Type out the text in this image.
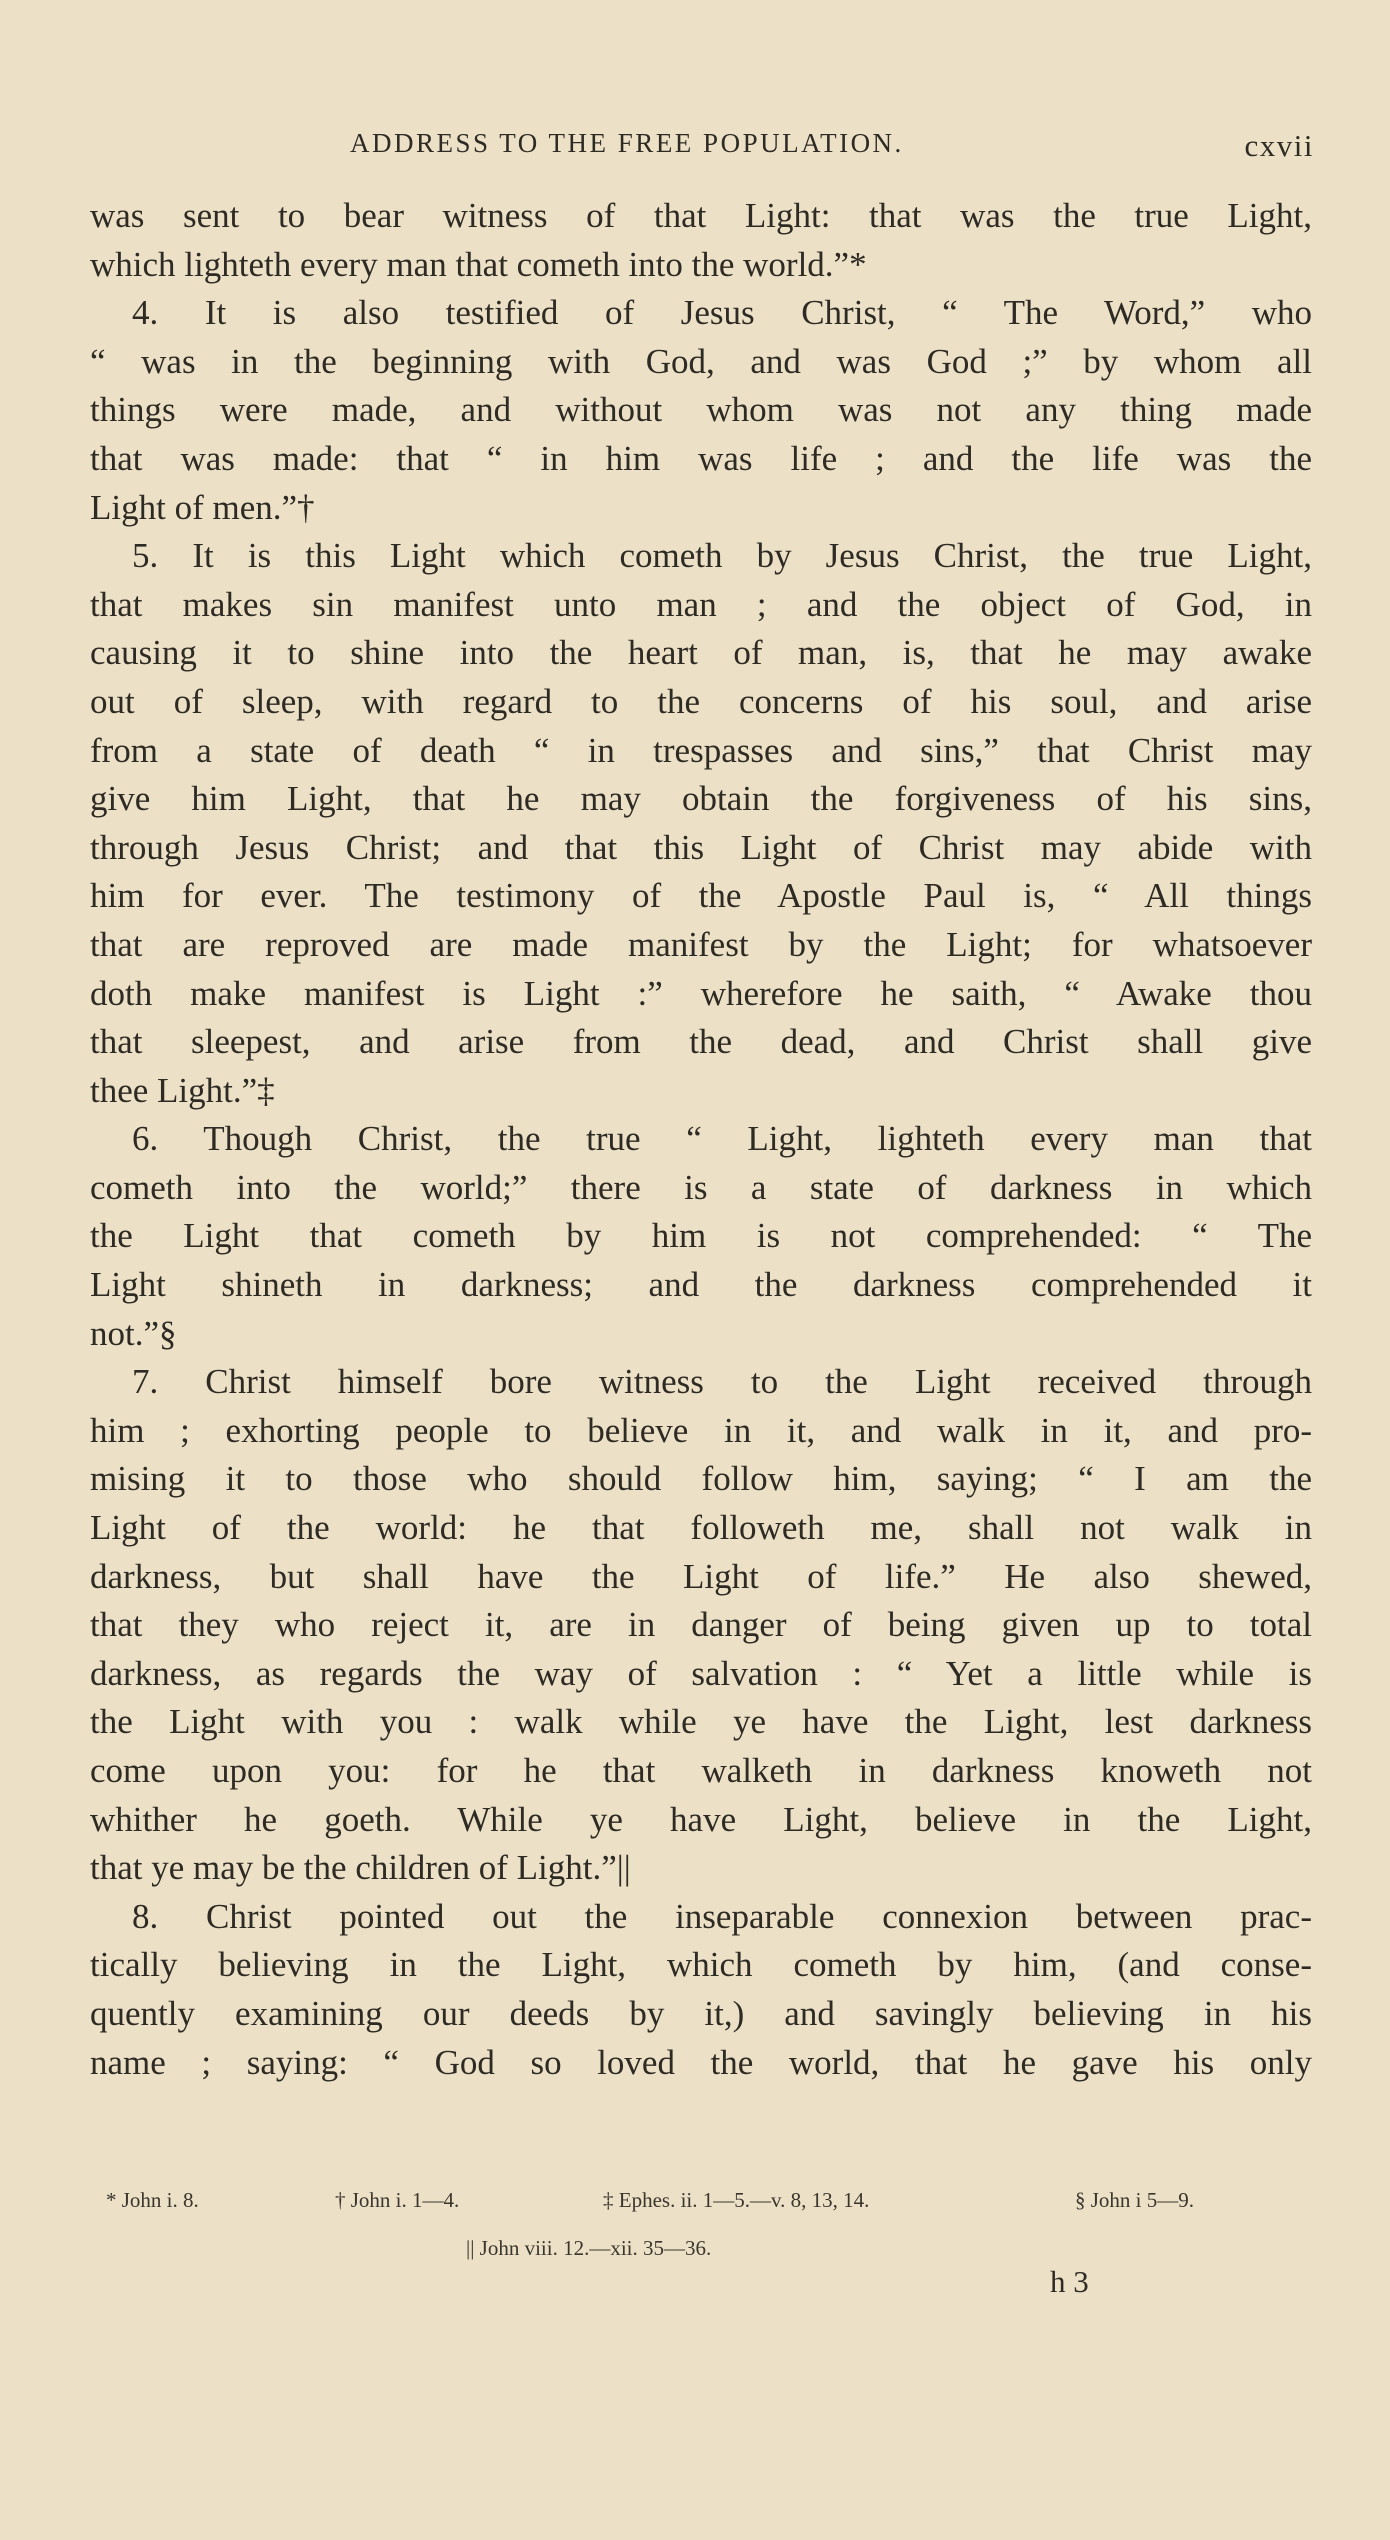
ADDRESS TO THE FREE POPULATION.	cxvii
was sent to bear witness of that Light: that was the true Light,
which lighteth every man that cometh into the world.”*
4. It is also testified of Jesus Christ, “ The Word,” who
“ was in the beginning with God, and was God ;” by whom all
things were made, and without whom was not any thing made
that was made: that “ in him was life ; and the life was the
Light of men.”†
5. It is this Light which cometh by Jesus Christ, the true Light,
that makes sin manifest unto man ; and the object of God, in
causing it to shine into the heart of man, is, that he may awake
out of sleep, with regard to the concerns of his soul, and arise
from a state of death “ in trespasses and sins,” that Christ may
give him Light, that he may obtain the forgiveness of his sins,
through Jesus Christ; and that this Light of Christ may abide with
him for ever. The testimony of the Apostle Paul is, “ All things
that are reproved are made manifest by the Light; for whatsoever
doth make manifest is Light :” wherefore he saith, “ Awake thou
that sleepest, and arise from the dead, and Christ shall give
thee Light.”‡
6. Though Christ, the true “ Light, lighteth every man that
cometh into the world;” there is a state of darkness in which
the Light that cometh by him is not comprehended: “ The
Light shineth in darkness; and the darkness comprehended it
not.”§
7. Christ himself bore witness to the Light received through
him ; exhorting people to believe in it, and walk in it, and pro-
mising it to those who should follow him, saying; “ I am the
Light of the world: he that followeth me, shall not walk in
darkness, but shall have the Light of life.” He also shewed,
that they who reject it, are in danger of being given up to total
darkness, as regards the way of salvation : “ Yet a little while is
the Light with you : walk while ye have the Light, lest darkness
come upon you: for he that walketh in darkness knoweth not
whither he goeth. While ye have Light, believe in the Light,
that ye may be the children of Light.”||
8. Christ pointed out the inseparable connexion between prac-
tically believing in the Light, which cometh by him, (and conse-
quently examining our deeds by it,) and savingly believing in his
name ; saying: “ God so loved the world, that he gave his only
* John i. 8.	† John i. 1—4.	‡ Ephes. ii. 1—5.—v. 8, 13, 14.	§ John i 5—9.
|| John viii. 12.—xii. 35—36.
h 3
